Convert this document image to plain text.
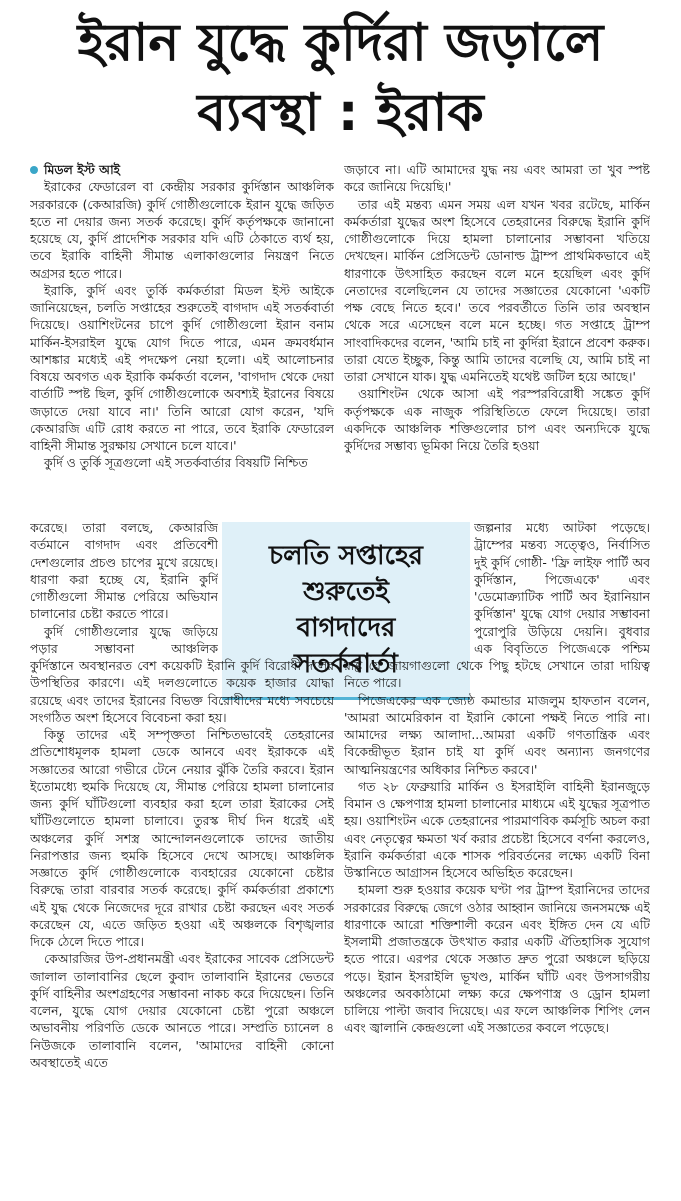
ইরান যুদ্ধে কুর্দিরা জড়ালে
ব্যবস্থা : ইরাক
মিডল ইস্ট আই

ইরাকের ফেডারেল বা কেন্দ্রীয় সরকার কুর্দিস্তান আঞ্চলিক সরকারকে (কেআরজি) কুর্দি গোষ্ঠীগুলোকে ইরান যুদ্ধে জড়িত হতে না দেয়ার জন্য সতর্ক করেছে। কুর্দি কর্তৃপক্ষকে জানানো হয়েছে যে, কুর্দি প্রাদেশিক সরকার যদি এটি ঠেকাতে ব্যর্থ হয়, তবে ইরাকি বাহিনী সীমান্ত এলাকাগুলোর নিয়ন্ত্রণ নিতে অগ্রসর হতে পারে।

ইরাকি, কুর্দি এবং তুর্কি কর্মকর্তারা মিডল ইস্ট আইকে জানিয়েছেন, চলতি সপ্তাহের শুরুতেই বাগদাদ এই সতর্কবার্তা দিয়েছে। ওয়াশিংটনের চাপে কুর্দি গোষ্ঠীগুলো ইরান বনাম মার্কিন-ইসরাইল যুদ্ধে যোগ দিতে পারে, এমন ক্রমবর্ধমান আশঙ্কার মধ্যেই এই পদক্ষেপ নেয়া হলো। এই আলোচনার বিষয়ে অবগত এক ইরাকি কর্মকর্তা বলেন, 'বাগদাদ থেকে দেয়া বার্তাটি স্পষ্ট ছিল, কুর্দি গোষ্ঠীগুলোকে অবশ্যই ইরানের বিষয়ে জড়াতে দেয়া যাবে না।' তিনি আরো যোগ করেন, 'যদি কেআরজি এটি রোধ করতে না পারে, তবে ইরাকি ফেডারেল বাহিনী সীমান্ত সুরক্ষায় সেখানে চলে যাবে।'

কুর্দি ও তুর্কি সূত্রগুলো এই সতর্কবার্তার বিষয়টি নিশ্চিত

করেছে। তারা বলছে, কেআরজি বর্তমানে বাগদাদ এবং প্রতিবেশী দেশগুলোর প্রচণ্ড চাপের মুখে রয়েছে। ধারণা করা হচ্ছে যে, ইরানি কুর্দি গোষ্ঠীগুলো সীমান্ত পেরিয়ে অভিযান চালানোর চেষ্টা করতে পারে।

কুর্দি গোষ্ঠীগুলোর যুদ্ধে জড়িয়ে পড়ার সম্ভাবনা আঞ্চলিক

চলতি সপ্তাহের
শুরুতেই
বাগদাদের
সতর্কবার্তা

জড়াবে না। এটি আমাদের যুদ্ধ নয় এবং আমরা তা খুব স্পষ্ট করে জানিয়ে দিয়েছি।'

তার এই মন্তব্য এমন সময় এল যখন খবর রটেছে, মার্কিন কর্মকর্তারা যুদ্ধের অংশ হিসেবে তেহরানের বিরুদ্ধে ইরানি কুর্দি গোষ্ঠীগুলোকে দিয়ে হামলা চালানোর সম্ভাবনা খতিয়ে দেখছেন। মার্কিন প্রেসিডেন্ট ডোনাল্ড ট্রাম্প প্রাথমিকভাবে এই ধারণাকে উৎসাহিত করছেন বলে মনে হয়েছিল এবং কুর্দি নেতাদের বলেছিলেন যে তাদের সজ্ঞাতের যেকোনো 'একটি পক্ষ বেছে নিতে হবে।' তবে পরবর্তীতে তিনি তার অবস্থান থেকে সরে এসেছেন বলে মনে হচ্ছে। গত সপ্তাহে ট্রাম্প সাংবাদিকদের বলেন, 'আমি চাই না কুর্দিরা ইরানে প্রবেশ করুক। তারা যেতে ইচ্ছুক, কিন্তু আমি তাদের বলেছি যে, আমি চাই না তারা সেখানে যাক। যুদ্ধ এমনিতেই যথেষ্ট জটিল হয়ে আছে।'

ওয়াশিংটন থেকে আসা এই পরস্পরবিরোধী সঙ্কেত কুর্দি কর্তৃপক্ষকে এক নাজুক পরিস্থিতিতে ফেলে দিয়েছে। তারা একদিকে আঞ্চলিক শক্তিগুলোর চাপ এবং অন্যদিকে যুদ্ধে কুর্দিদের সম্ভাব্য ভূমিকা নিয়ে তৈরি হওয়া

জল্পনার মধ্যে আটকা পড়েছে। ট্রাম্পের মন্তব্য সত্ত্বেও, নির্বাসিত দুই কুর্দি গোষ্ঠী- 'ফ্রি লাইফ পার্টি অব কুর্দিস্তান, পিজেএকে' এবং 'ডেমোক্র্যাটিক পার্টি অব ইরানিয়ান কুর্দিস্তান' যুদ্ধে যোগ দেয়ার সম্ভাবনা পুরোপুরি উড়িয়ে দেয়নি। বুধবার এক বিবৃতিতে পিজেএকে পশ্চিম

কুর্দিস্তানে অবস্থানরত বেশ কয়েকটি ইরানি কুর্দি বিরোধী দলের উপস্থিতির কারণে। এই দলগুলোতে কয়েক হাজার যোদ্ধা রয়েছে এবং তাদের ইরানের বিভক্ত বিরোধীদের মধ্যে সবচেয়ে সংগঠিত অংশ হিসেবে বিবেচনা করা হয়।

কিন্তু তাদের এই সম্পৃক্ততা নিশ্চিতভাবেই তেহরানের প্রতিশোধমূলক হামলা ডেকে আনবে এবং ইরাককে এই সজ্ঞাতের আরো গভীরে টেনে নেয়ার ঝুঁকি তৈরি করবে। ইরান ইতোমধ্যে হুমকি দিয়েছে যে, সীমান্ত পেরিয়ে হামলা চালানোর জন্য কুর্দি ঘাঁটিগুলো ব্যবহার করা হলে তারা ইরাকের সেই ঘাঁটিগুলোতে হামলা চালাবে। তুরস্ক দীর্ঘ দিন ধরেই এই অঞ্চলের কুর্দি সশস্ত্র আন্দোলনগুলোকে তাদের জাতীয় নিরাপত্তার জন্য হুমকি হিসেবে দেখে আসছে। আঞ্চলিক সজ্ঞাতে কুর্দি গোষ্ঠীগুলোকে ব্যবহারের যেকোনো চেষ্টার বিরুদ্ধে তারা বারবার সতর্ক করেছে। কুর্দি কর্মকর্তারা প্রকাশ্যে এই যুদ্ধ থেকে নিজেদের দূরে রাখার চেষ্টা করছেন এবং সতর্ক করেছেন যে, এতে জড়িত হওয়া এই অঞ্চলকে বিশৃঙ্খলার দিকে ঠেলে দিতে পারে।

কেআরজির উপ-প্রধানমন্ত্রী এবং ইরাকের সাবেক প্রেসিডেন্ট জালাল তালাবানির ছেলে কুবাদ তালাবানি ইরানের ভেতরে কুর্দি বাহিনীর অংশগ্রহণের সম্ভাবনা নাকচ করে দিয়েছেন। তিনি বলেন, যুদ্ধে যোগ দেয়ার যেকোনো চেষ্টা পুরো অঞ্চলে অভাবনীয় পরিণতি ডেকে আনতে পারে। সম্প্রতি চ্যানেল ৪ নিউজকে তালাবানি বলেন, 'আমাদের বাহিনী কোনো অবস্থাতেই এতে

রাষ্ট্র যে জায়গাগুলো থেকে পিছু হটছে সেখানে তারা দায়িত্ব নিতে পারে।

পিজেএকের এক জ্যেষ্ঠ কমান্ডার মাজলুম হাফতান বলেন, 'আমরা আমেরিকান বা ইরানি কোনো পক্ষই নিতে পারি না। আমাদের লক্ষ্য আলাদা...আমরা একটি গণতান্ত্রিক এবং বিকেন্দ্রীভূত ইরান চাই যা কুর্দি এবং অন্যান্য জনগণের আত্মনিয়ন্ত্রণের অধিকার নিশ্চিত করবে।'

গত ২৮ ফেব্রুয়ারি মার্কিন ও ইসরাইলি বাহিনী ইরানজুড়ে বিমান ও ক্ষেপণাস্ত্র হামলা চালানোর মাধ্যমে এই যুদ্ধের সূত্রপাত হয়। ওয়াশিংটন একে তেহরানের পারমাণবিক কর্মসূচি অচল করা এবং নেতৃত্বের ক্ষমতা খর্ব করার প্রচেষ্টা হিসেবে বর্ণনা করলেও, ইরানি কর্মকর্তারা একে শাসক পরিবর্তনের লক্ষ্যে একটি বিনা উস্কানিতে আগ্রাসন হিসেবে অভিহিত করেছেন।

হামলা শুরু হওয়ার কয়েক ঘণ্টা পর ট্রাম্প ইরানিদের তাদের সরকারের বিরুদ্ধে জেগে ওঠার আহ্বান জানিয়ে জনসমক্ষে এই ধারণাকে আরো শক্তিশালী করেন এবং ইঙ্গিত দেন যে এটি ইসলামী প্রজাতন্ত্রকে উৎখাত করার একটি ঐতিহাসিক সুযোগ হতে পারে। এরপর থেকে সজ্ঞাত দ্রুত পুরো অঞ্চলে ছড়িয়ে পড়ে। ইরান ইসরাইলি ভূখণ্ড, মার্কিন ঘাঁটি এবং উপসাগরীয় অঞ্চলের অবকাঠামো লক্ষ্য করে ক্ষেপণাস্ত্র ও ড্রোন হামলা চালিয়ে পাল্টা জবাব দিয়েছে। এর ফলে আঞ্চলিক শিপিং লেন এবং জ্বালানি কেন্দ্রগুলো এই সজ্ঞাতের কবলে পড়েছে।
